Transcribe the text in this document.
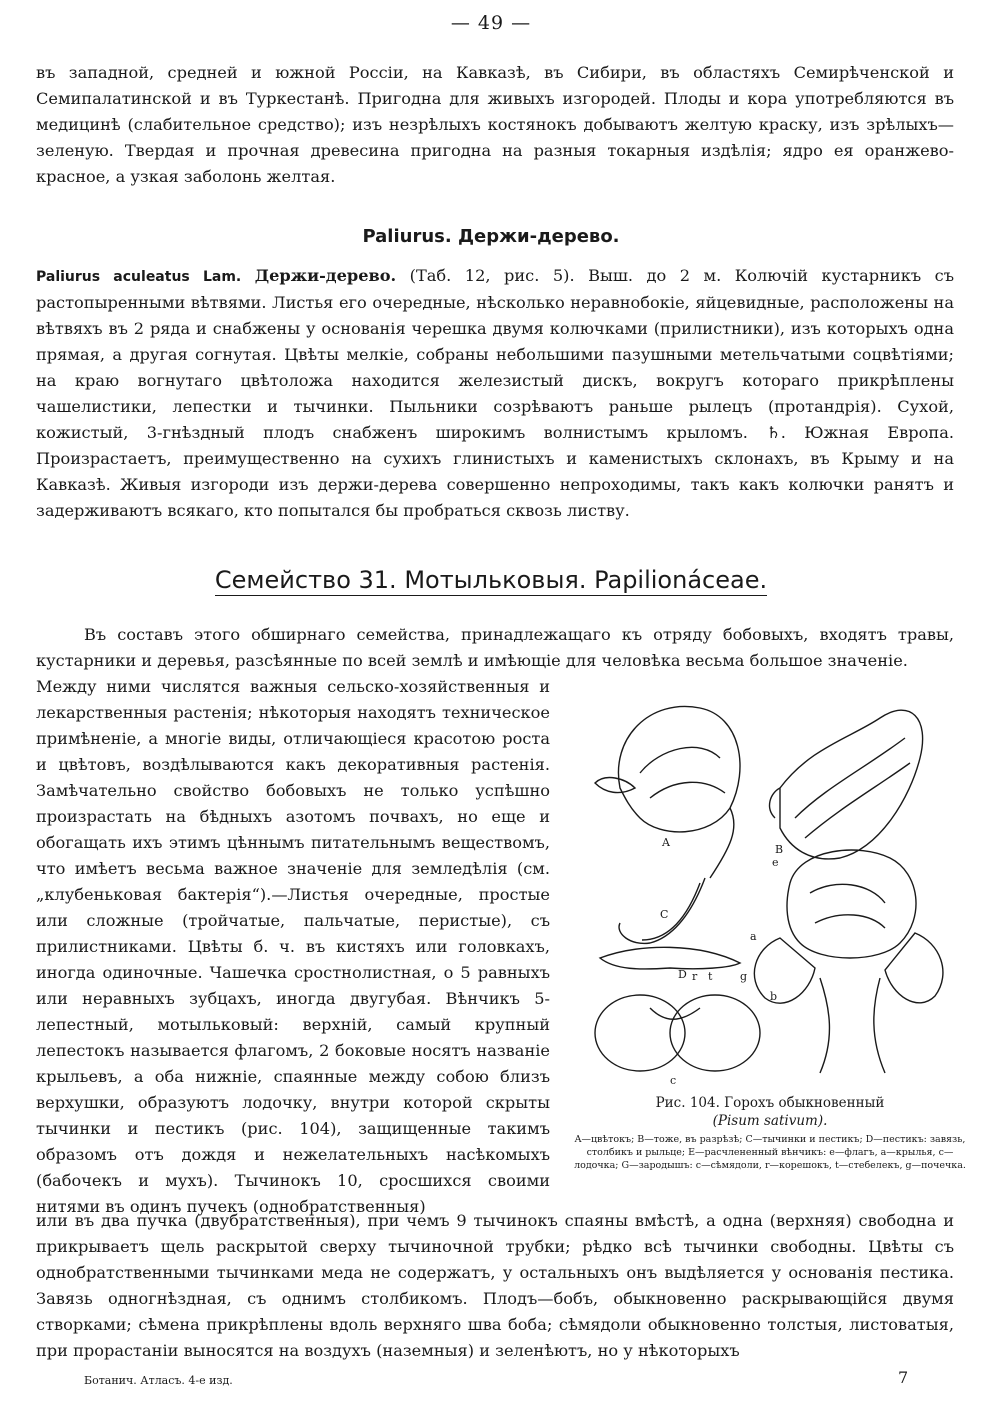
— 49 —

въ западной, средней и южной Россіи, на Кавказѣ, въ Сибири, въ областяхъ Семирѣченской и Семипалатинской и въ Туркестанѣ. Пригодна для живыхъ изгородей. Плоды и кора употребляются въ медицинѣ (слабительное средство); изъ незрѣлыхъ костянокъ добываютъ желтую краску, изъ зрѣлыхъ—зеленую. Твердая и прочная древесина пригодна на разныя токарныя издѣлія; ядро ея оранжево-красное, а узкая заболонь желтая.

Paliurus. Держи-дерево.

Paliurus aculeatus Lam. Держи-дерево. (Таб. 12, рис. 5). Выш. до 2 м. Колючій кустарникъ съ растопыренными вѣтвями. Листья его очередные, нѣсколько неравнобокіе, яйцевидные, расположены на вѣтвяхъ въ 2 ряда и снабжены у основанія черешка двумя колючками (прилистники), изъ которыхъ одна прямая, а другая согнутая. Цвѣты мелкіе, собраны небольшими пазушными метельчатыми соцвѣтіями; на краю вогнутаго цвѣтоложа находится железистый дискъ, вокругъ котораго прикрѣплены чашелистики, лепестки и тычинки. Пыльники созрѣваютъ раньше рылецъ (протандрія). Сухой, кожистый, 3-гнѣздный плодъ снабженъ широкимъ волнистымъ крыломъ. ♄. Южная Европа. Произрастаетъ, преимущественно на сухихъ глинистыхъ и каменистыхъ склонахъ, въ Крыму и на Кавказѣ. Живыя изгороди изъ держи-дерева совершенно непроходимы, такъ какъ колючки ранятъ и задерживаютъ всякаго, кто попытался бы пробраться сквозь листву.

Семейство 31. Мотыльковыя. Papilionáceae.

Въ составъ этого обширнаго семейства, принадлежащаго къ отряду бобовыхъ, входятъ травы, кустарники и деревья, разсѣянные по всей землѣ и имѣющіе для человѣка весьма большое значеніе.

Между ними числятся важныя сельско-хозяйственныя и лекарственныя растенія; нѣкоторыя находятъ техническое примѣненіе, а многіе виды, отличающіеся красотою роста и цвѣтовъ, воздѣлываются какъ декоративныя растенія. Замѣчательно свойство бобовыхъ не только успѣшно произрастать на бѣдныхъ азотомъ почвахъ, но еще и обогащать ихъ этимъ цѣннымъ питательнымъ веществомъ, что имѣетъ весьма важное значеніе для земледѣлія (см. „клубеньковая бактерія“).—Листья очередные, простые или сложные (тройчатые, пальчатые, перистые), съ прилистниками. Цвѣты б. ч. въ кистяхъ или головкахъ, иногда одиночные. Чашечка сростнолистная, о 5 равныхъ или неравныхъ зубцахъ, иногда двугубая. Вѣнчикъ 5-лепестный, мотыльковый: верхній, самый крупный лепестокъ называется флагомъ, 2 боковые носятъ названіе крыльевъ, а оба нижніе, спаянные между собою близъ верхушки, образуютъ лодочку, внутри которой скрыты тычинки и пестикъ (рис. 104), защищенные такимъ образомъ отъ дождя и нежелательныхъ насѣкомыхъ (бабочекъ и мухъ). Тычинокъ 10, сросшихся своими нитями въ одинъ пучекъ (однобратственныя)

A
B
C
D
e
a
b
c
r t	g
Рис. 104. Горохъ обыкновенный
(Pisum sativum).
A—цвѣтокъ; B—тоже, въ разрѣзѣ; C—тычинки и пестикъ; D—пестикъ: завязь, столбикъ и рыльце; E—расчлененный вѣнчикъ: e—флагъ, a—крылья, c—лодочка; G—зародышъ: c—сѣмядоли, r—корешокъ, t—стебелекъ, g—почечка.

или въ два пучка (двубратственныя), при чемъ 9 тычинокъ спаяны вмѣстѣ, а одна (верхняя) свободна и прикрываетъ щель раскрытой сверху тычиночной трубки; рѣдко всѣ тычинки свободны. Цвѣты съ однобратственными тычинками меда не содержатъ, у остальныхъ онъ выдѣляется у основанія пестика. Завязь одногнѣздная, съ однимъ столбикомъ. Плодъ—бобъ, обыкновенно раскрывающійся двумя створками; сѣмена прикрѣплены вдоль верхняго шва боба; сѣмядоли обыкновенно толстыя, листоватыя, при прорастаніи выносятся на воздухъ (наземныя) и зеленѣютъ, но у нѣкоторыхъ

Ботанич. Атласъ. 4-е изд.	7
